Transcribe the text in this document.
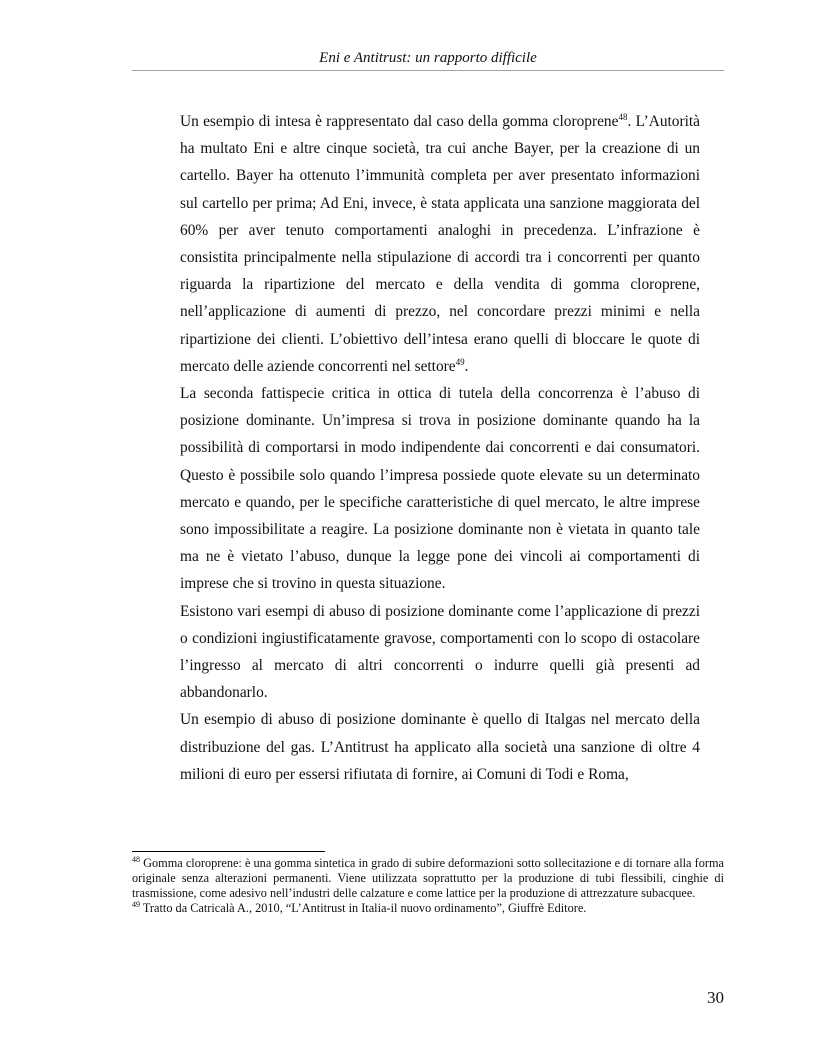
Eni e Antitrust: un rapporto difficile

Un esempio di intesa è rappresentato dal caso della gomma cloroprene$^{48}$. L’Autorità ha multato Eni e altre cinque società, tra cui anche Bayer, per la creazione di un cartello. Bayer ha ottenuto l’immunità completa per aver presentato informazioni sul cartello per prima; Ad Eni, invece, è stata applicata una sanzione maggiorata del 60% per aver tenuto comportamenti analoghi in precedenza. L’infrazione è consistita principalmente nella stipulazione di accordi tra i concorrenti per quanto riguarda la ripartizione del mercato e della vendita di gomma cloroprene, nell’applicazione di aumenti di prezzo, nel concordare prezzi minimi e nella ripartizione dei clienti. L’obiettivo dell’intesa erano quelli di bloccare le quote di mercato delle aziende concorrenti nel settore$^{49}$.

La seconda fattispecie critica in ottica di tutela della concorrenza è l’abuso di posizione dominante. Un’impresa si trova in posizione dominante quando ha la possibilità di comportarsi in modo indipendente dai concorrenti e dai consumatori. Questo è possibile solo quando l’impresa possiede quote elevate su un determinato mercato e quando, per le specifiche caratteristiche di quel mercato, le altre imprese sono impossibilitate a reagire. La posizione dominante non è vietata in quanto tale ma ne è vietato l’abuso, dunque la legge pone dei vincoli ai comportamenti di imprese che si trovino in questa situazione.

Esistono vari esempi di abuso di posizione dominante come l’applicazione di prezzi o condizioni ingiustificatamente gravose, comportamenti con lo scopo di ostacolare l’ingresso al mercato di altri concorrenti o indurre quelli già presenti ad abbandonarlo.

Un esempio di abuso di posizione dominante è quello di Italgas nel mercato della distribuzione del gas. L’Antitrust ha applicato alla società una sanzione di oltre 4 milioni di euro per essersi rifiutata di fornire, ai Comuni di Todi e Roma,

$^{48}$ Gomma cloroprene: è una gomma sintetica in grado di subire deformazioni sotto sollecitazione e di tornare alla forma originale senza alterazioni permanenti. Viene utilizzata soprattutto per la produzione di tubi flessibili, cinghie di trasmissione, come adesivo nell’industri delle calzature e come lattice per la produzione di attrezzature subacquee.

$^{49}$ Tratto da Catricalà A., 2010, “L’Antitrust in Italia-il nuovo ordinamento”, Giuffrè Editore.

30
